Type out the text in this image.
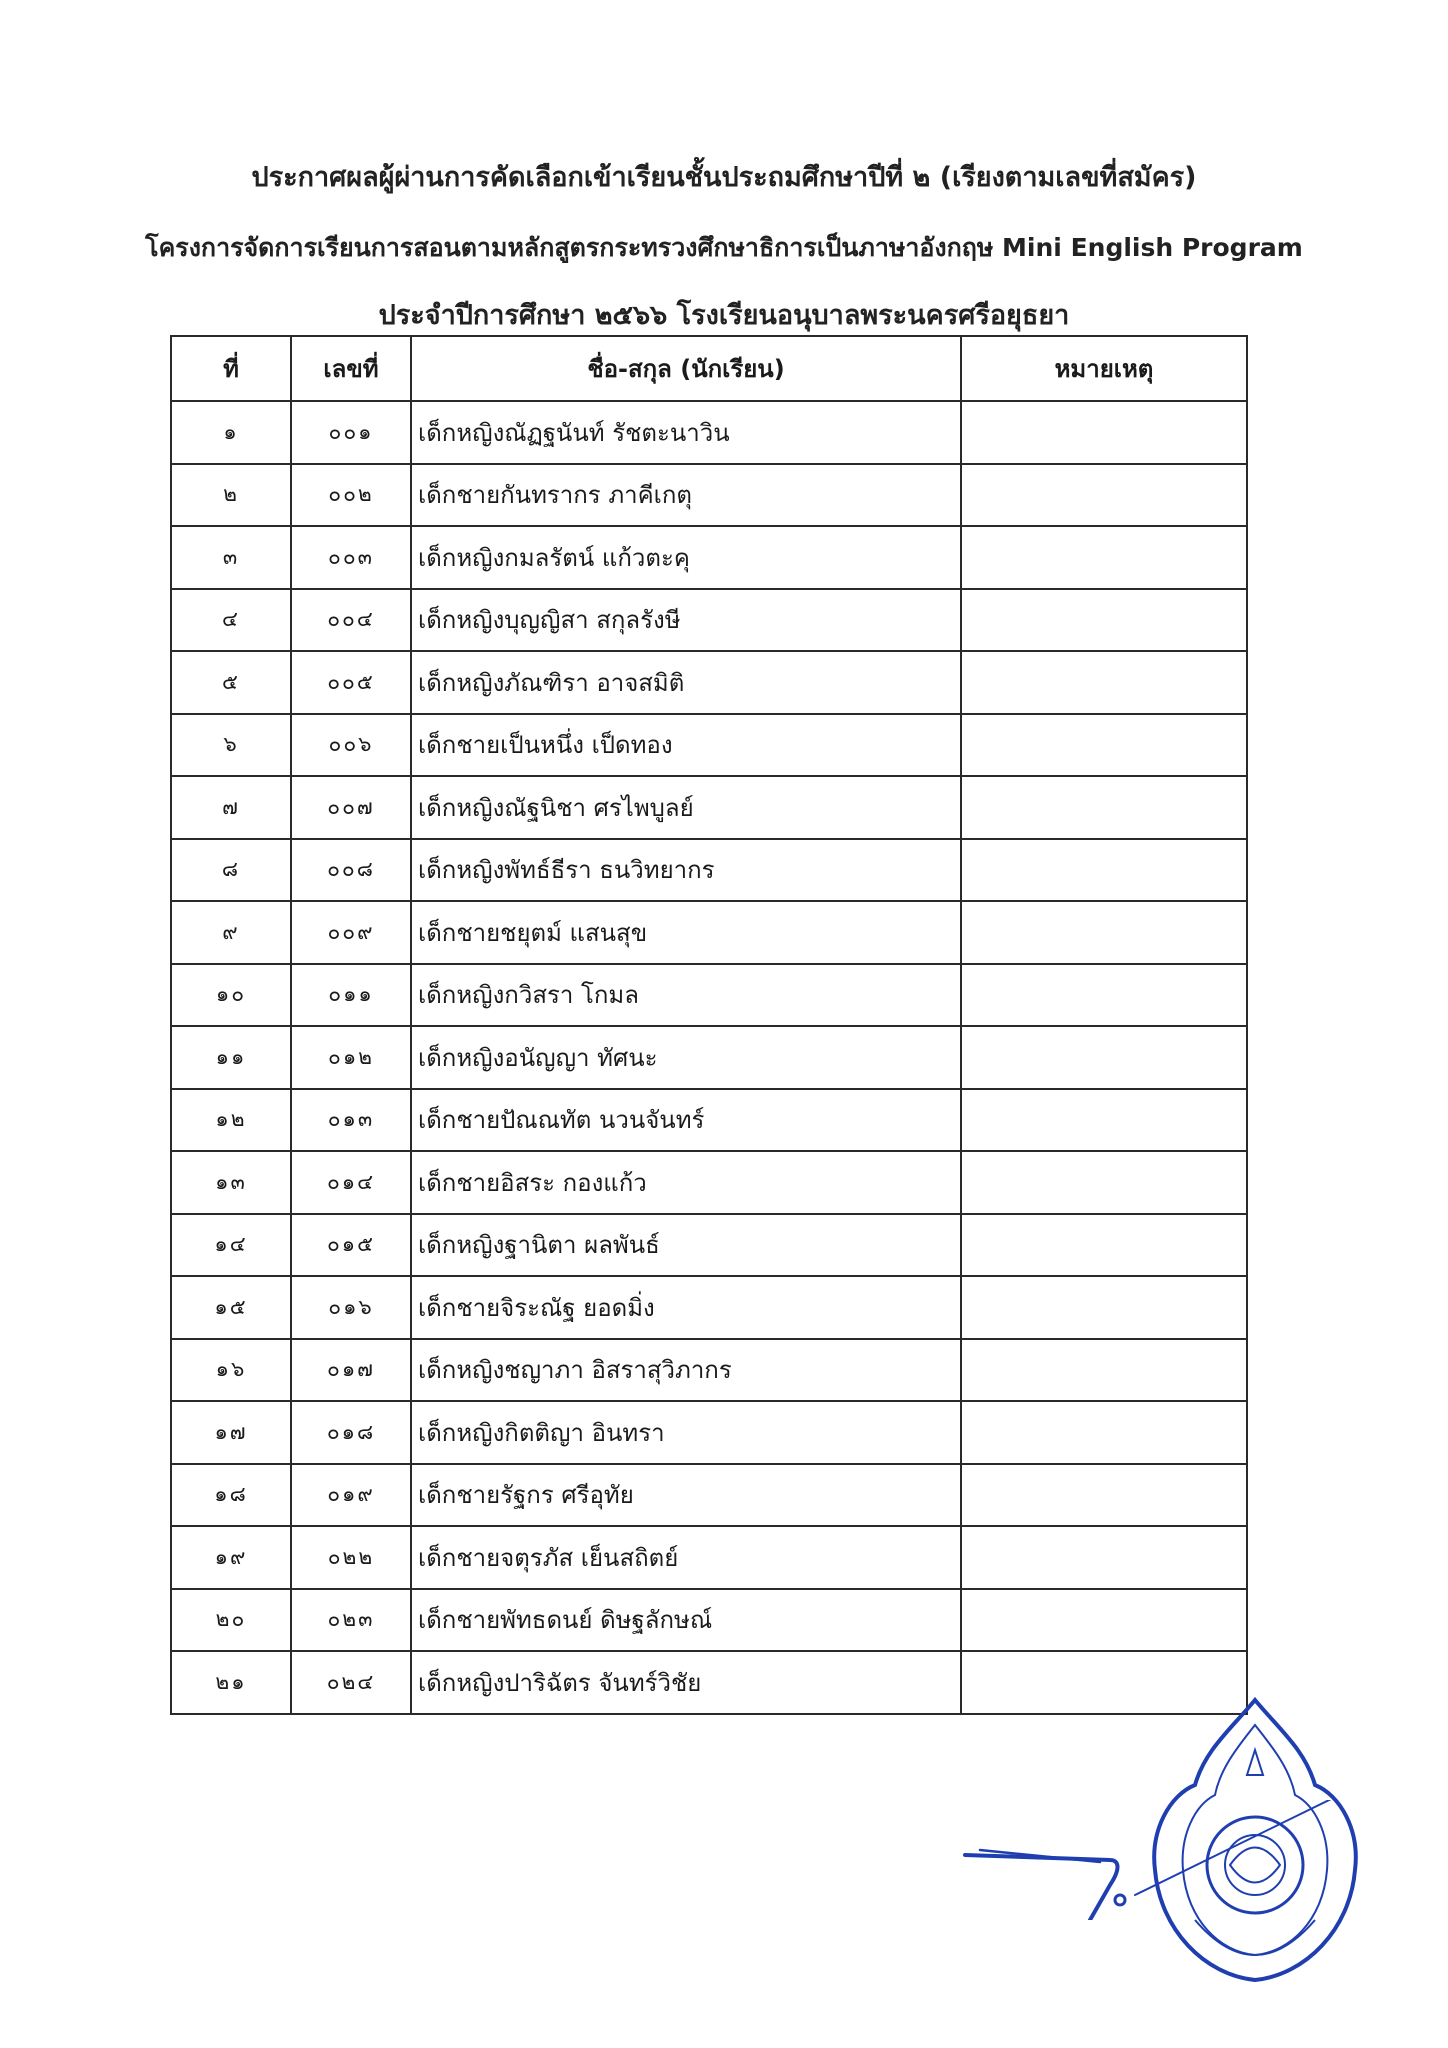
ประกาศผลผู้ผ่านการคัดเลือกเข้าเรียนชั้นประถมศึกษาปีที่ ๒ (เรียงตามเลขที่สมัคร)
โครงการจัดการเรียนการสอนตามหลักสูตรกระทรวงศึกษาธิการเป็นภาษาอังกฤษ Mini English Program
ประจำปีการศึกษา ๒๕๖๖ โรงเรียนอนุบาลพระนครศรีอยุธยา
ที่	เลขที่	ชื่อ-สกุล (นักเรียน)	หมายเหตุ
๑	๐๐๑	เด็กหญิงณัฏฐนันท์ รัชตะนาวิน	
๒	๐๐๒	เด็กชายกันทรากร ภาคีเกตุ	
๓	๐๐๓	เด็กหญิงกมลรัตน์ แก้วตะคุ	
๔	๐๐๔	เด็กหญิงบุญญิสา สกุลรังษี	
๕	๐๐๕	เด็กหญิงภัณฑิรา อาจสมิติ	
๖	๐๐๖	เด็กชายเป็นหนึ่ง เป็ดทอง	
๗	๐๐๗	เด็กหญิงณัฐนิชา ศรไพบูลย์	
๘	๐๐๘	เด็กหญิงพัทธ์ธีรา ธนวิทยากร	
๙	๐๐๙	เด็กชายชยุตม์ แสนสุข	
๑๐	๐๑๑	เด็กหญิงกวิสรา โกมล	
๑๑	๐๑๒	เด็กหญิงอนัญญา ทัศนะ	
๑๒	๐๑๓	เด็กชายปัณณทัต นวนจันทร์	
๑๓	๐๑๔	เด็กชายอิสระ กองแก้ว	
๑๔	๐๑๕	เด็กหญิงฐานิตา ผลพันธ์	
๑๕	๐๑๖	เด็กชายจิระณัฐ ยอดมิ่ง	
๑๖	๐๑๗	เด็กหญิงชญาภา อิสราสุวิภากร	
๑๗	๐๑๘	เด็กหญิงกิตติญา อินทรา	
๑๘	๐๑๙	เด็กชายรัฐกร ศรีอุทัย	
๑๙	๐๒๒	เด็กชายจตุรภัส เย็นสถิตย์	
๒๐	๐๒๓	เด็กชายพัทธดนย์ ดิษฐลักษณ์	
๒๑	๐๒๔	เด็กหญิงปาริฉัตร จันทร์วิชัย	
